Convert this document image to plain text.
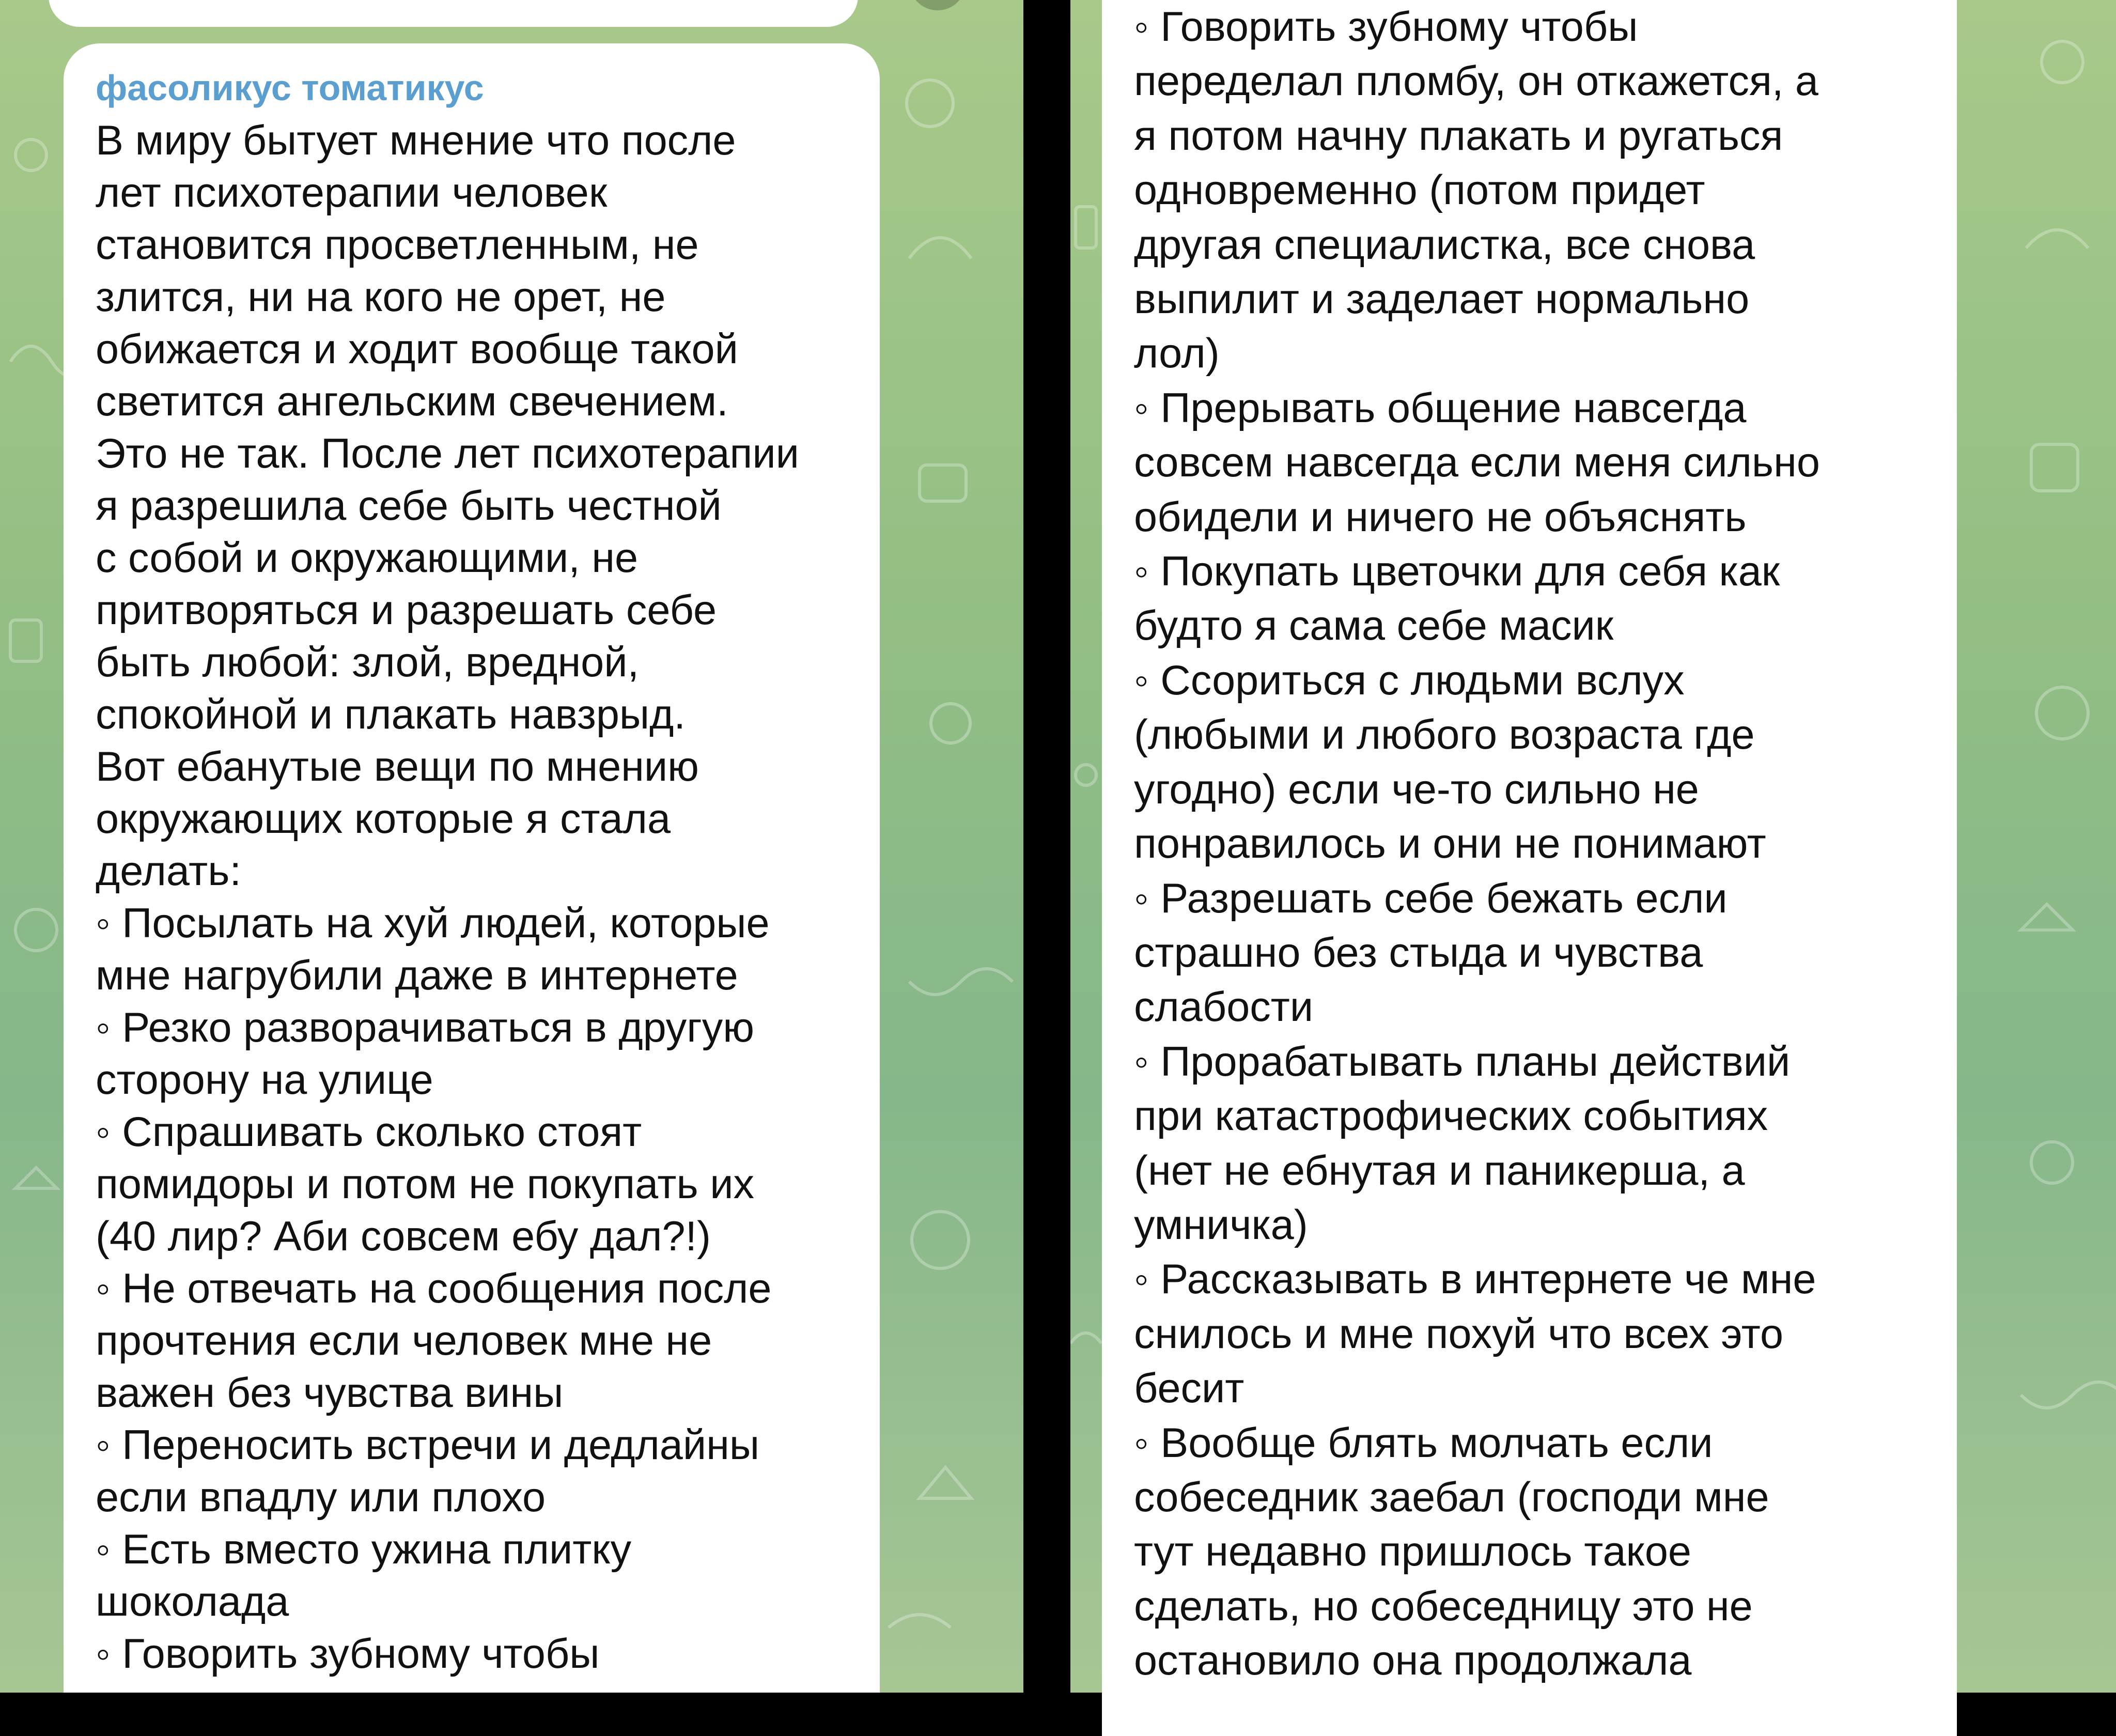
фасоликус томатикус

В миру бытует мнение что после
лет психотерапии человек
становится просветленным, не
злится, ни на кого не орет, не
обижается и ходит вообще такой
светится ангельским свечением.
Это не так. После лет психотерапии
я разрешила себе быть честной
с собой и окружающими, не
притворяться и разрешать себе
быть любой: злой, вредной,
спокойной и плакать навзрыд.
Вот ебанутые вещи по мнению
окружающих которые я стала
делать:
◦ Посылать на хуй людей, которые
мне нагрубили даже в интернете
◦ Резко разворачиваться в другую
сторону на улице
◦ Спрашивать сколько стоят
помидоры и потом не покупать их
(40 лир? Аби совсем ебу дал?!)
◦ Не отвечать на сообщения после
прочтения если человек мне не
важен без чувства вины
◦ Переносить встречи и дедлайны
если впадлу или плохо
◦ Есть вместо ужина плитку
шоколада
◦ Говорить зубному чтобы

◦ Говорить зубному чтобы
переделал пломбу, он откажется, а
я потом начну плакать и ругаться
одновременно (потом придет
другая специалистка, все снова
выпилит и заделает нормально
лол)
◦ Прерывать общение навсегда
совсем навсегда если меня сильно
обидели и ничего не объяснять
◦ Покупать цветочки для себя как
будто я сама себе масик
◦ Ссориться с людьми вслух
(любыми и любого возраста где
угодно) если че-то сильно не
понравилось и они не понимают
◦ Разрешать себе бежать если
страшно без стыда и чувства
слабости
◦ Прорабатывать планы действий
при катастрофических событиях
(нет не ебнутая и паникерша, а
умничка)
◦ Рассказывать в интернете че мне
снилось и мне похуй что всех это
бесит
◦ Вообще блять молчать если
собеседник заебал (господи мне
тут недавно пришлось такое
сделать, но собеседницу это не
остановило она продолжала
